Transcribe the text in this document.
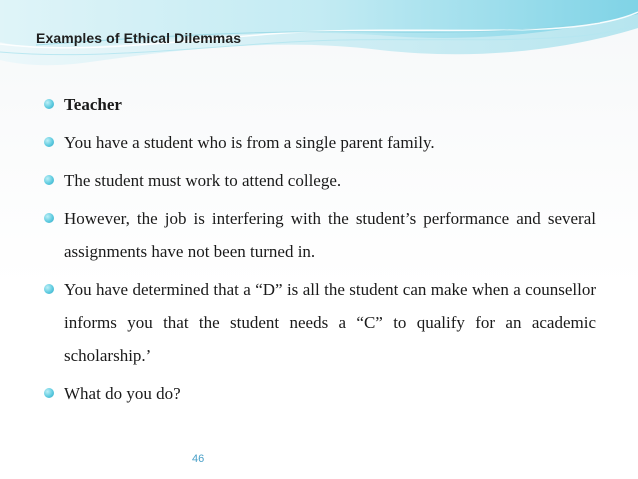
Examples of Ethical Dilemmas
Teacher
You have a student who is from a single parent family.
The student must work to attend college.
However, the job is interfering with the student’s performance and several assignments have not been turned in.
You have determined that a “D” is all the student can make when a counsellor informs you that the student needs a “C” to qualify for an academic scholarship.’
What do you do?
46
